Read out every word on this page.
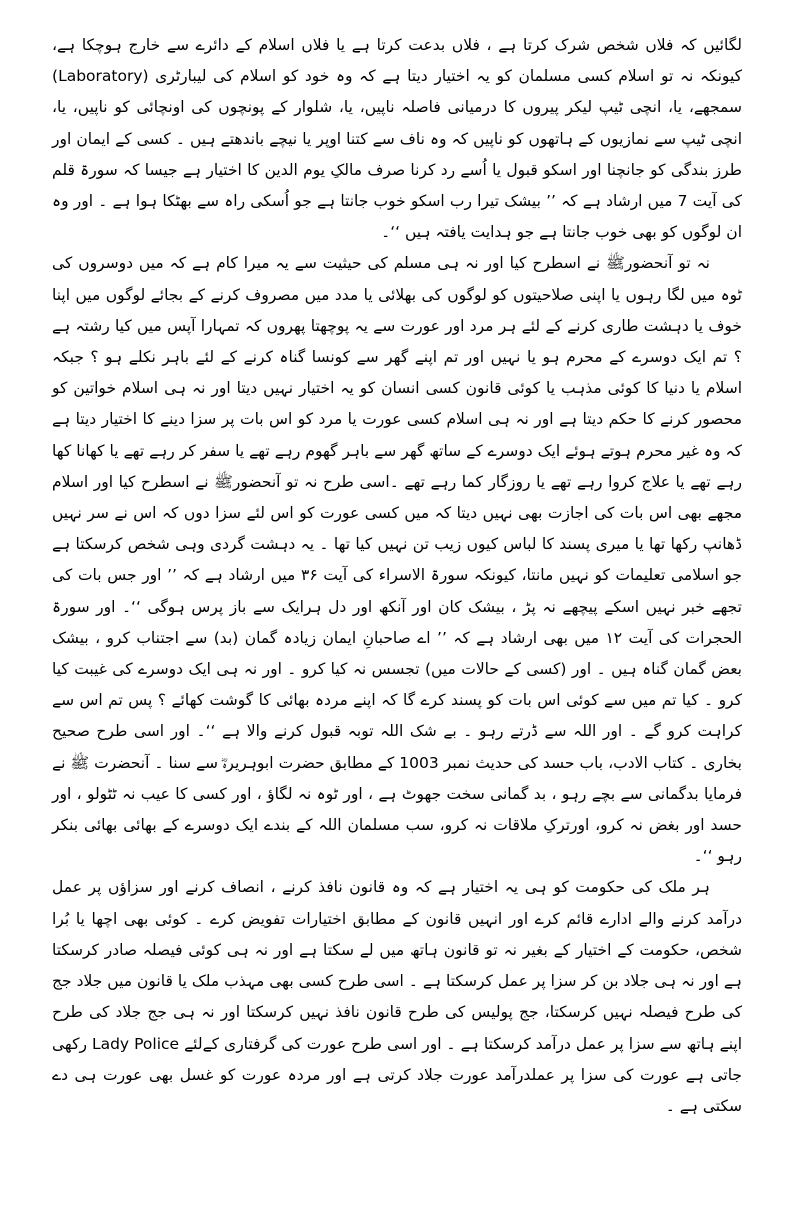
لگائیں کہ فلاں شخص شرک کرتا ہے ، فلاں بدعت کرتا ہے یا فلاں اسلام کے دائرے سے خارج ہوچکا ہے، کیونکہ نہ تو اسلام کسی مسلمان کو یہ اختیار دیتا ہے کہ وہ خود کو اسلام کی لیبارٹری (Laboratory) سمجھے، یا، انچی ٹیپ لیکر پیروں کا درمیانی فاصلہ ناپیں، یا، شلوار کے پونچوں کی اونچائی کو ناپیں، یا، انچی ٹیپ سے نمازیوں کے ہاتھوں کو ناپیں کہ وہ ناف سے کتنا اوپر یا نیچے باندھتے ہیں ۔ کسی کے ایمان اور طرز بندگی کو جانچنا اور اسکو قبول یا اُسے رد کرنا صرف مالکِ یوم الدین کا اختیار ہے جیسا کہ سورۃ قلم کی آیت 7 میں ارشاد ہے کہ ’’ بیشک تیرا رب اسکو خوب جانتا ہے جو اُسکی راہ سے بھٹکا ہوا ہے ۔ اور وہ ان لوگوں کو بھی خوب جانتا ہے جو ہدایت یافتہ ہیں ‘‘۔

نہ تو آنحضورﷺ نے اسطرح کیا اور نہ ہی مسلم کی حیثیت سے یہ میرا کام ہے کہ میں دوسروں کی ٹوہ میں لگا رہوں یا اپنی صلاحیتوں کو لوگوں کی بھلائی یا مدد میں مصروف کرنے کے بجائے لوگوں میں اپنا خوف یا دہشت طاری کرنے کے لئے ہر مرد اور عورت سے یہ پوچھتا پھروں کہ تمہارا آپس میں کیا رشتہ ہے ؟ تم ایک دوسرے کے محرم ہو یا نہیں اور تم اپنے گھر سے کونسا گناہ کرنے کے لئے باہر نکلے ہو ؟ جبکہ اسلام یا دنیا کا کوئی مذہب یا کوئی قانون کسی انسان کو یہ اختیار نہیں دیتا اور نہ ہی اسلام خواتین کو محصور کرنے کا حکم دیتا ہے اور نہ ہی اسلام کسی عورت یا مرد کو اس بات پر سزا دینے کا اختیار دیتا ہے کہ وہ غیر محرم ہوتے ہوئے ایک دوسرے کے ساتھ گھر سے باہر گھوم رہے تھے یا سفر کر رہے تھے یا کھانا کھا رہے تھے یا علاج کروا رہے تھے یا روزگار کما رہے تھے ۔اسی طرح نہ تو آنحضورﷺ نے اسطرح کیا اور اسلام مجھے بھی اس بات کی اجازت بھی نہیں دیتا کہ میں کسی عورت کو اس لئے سزا دوں کہ اس نے سر نہیں ڈھانپ رکھا تھا یا میری پسند کا لباس کیوں زیب تن نہیں کیا تھا ۔ یہ دہشت گردی وہی شخص کرسکتا ہے جو اسلامی تعلیمات کو نہیں مانتا، کیونکہ سورۃ الاسراء کی آیت ۳۶ میں ارشاد ہے کہ ’’ اور جس بات کی تجھے خبر نہیں اسکے پیچھے نہ پڑ ، بیشک کان اور آنکھ اور دل ہرایک سے باز پرس ہوگی ‘‘۔ اور سورۃ الحجرات کی آیت ۱۲ میں بھی ارشاد ہے کہ ’’ اے صاحبانِ ایمان زیادہ گمان (بد) سے اجتناب کرو ، بیشک بعض گمان گناہ ہیں ۔ اور (کسی کے حالات میں) تجسس نہ کیا کرو ۔ اور نہ ہی ایک دوسرے کی غیبت کیا کرو ۔ کیا تم میں سے کوئی اس بات کو پسند کرے گا کہ اپنے مردہ بھائی کا گوشت کھائے ؟ پس تم اس سے کراہت کرو گے ۔ اور اللہ سے ڈرتے رہو ۔ بے شک اللہ توبہ قبول کرنے والا ہے ‘‘۔ اور اسی طرح صحیح بخاری ۔ کتاب الادب، باب حسد کی حدیث نمبر 1003 کے مطابق حضرت ابوہریرہؓ سے سنا ۔ آنحضرت ﷺ نے فرمایا بدگمانی سے بچے رہو ، بد گمانی سخت جھوٹ ہے ، اور ٹوہ نہ لگاؤ ، اور کسی کا عیب نہ ٹٹولو ، اور حسد اور بغض نہ کرو، اورترکِ ملاقات نہ کرو، سب مسلمان اللہ کے بندے ایک دوسرے کے بھائی بھائی بنکر رہو ‘‘۔

ہر ملک کی حکومت کو ہی یہ اختیار ہے کہ وہ قانون نافذ کرنے ، انصاف کرنے اور سزاؤں پر عمل درآمد کرنے والے ادارے قائم کرے اور انہیں قانون کے مطابق اختیارات تفویض کرے ۔ کوئی بھی اچھا یا بُرا شخص، حکومت کے اختیار کے بغیر نہ تو قانون ہاتھ میں لے سکتا ہے اور نہ ہی کوئی فیصلہ صادر کرسکتا ہے اور نہ ہی جلاد بن کر سزا پر عمل کرسکتا ہے ۔ اسی طرح کسی بھی مہذب ملک یا قانون میں جلاد جج کی طرح فیصلہ نہیں کرسکتا، جج پولیس کی طرح قانون نافذ نہیں کرسکتا اور نہ ہی جج جلاد کی طرح اپنے ہاتھ سے سزا پر عمل درآمد کرسکتا ہے ۔ اور اسی طرح عورت کی گرفتاری کےلئے Lady Police رکھی جاتی ہے عورت کی سزا پر عملدرآمد عورت جلاد کرتی ہے اور مردہ عورت کو غسل بھی عورت ہی دے سکتی ہے ۔
